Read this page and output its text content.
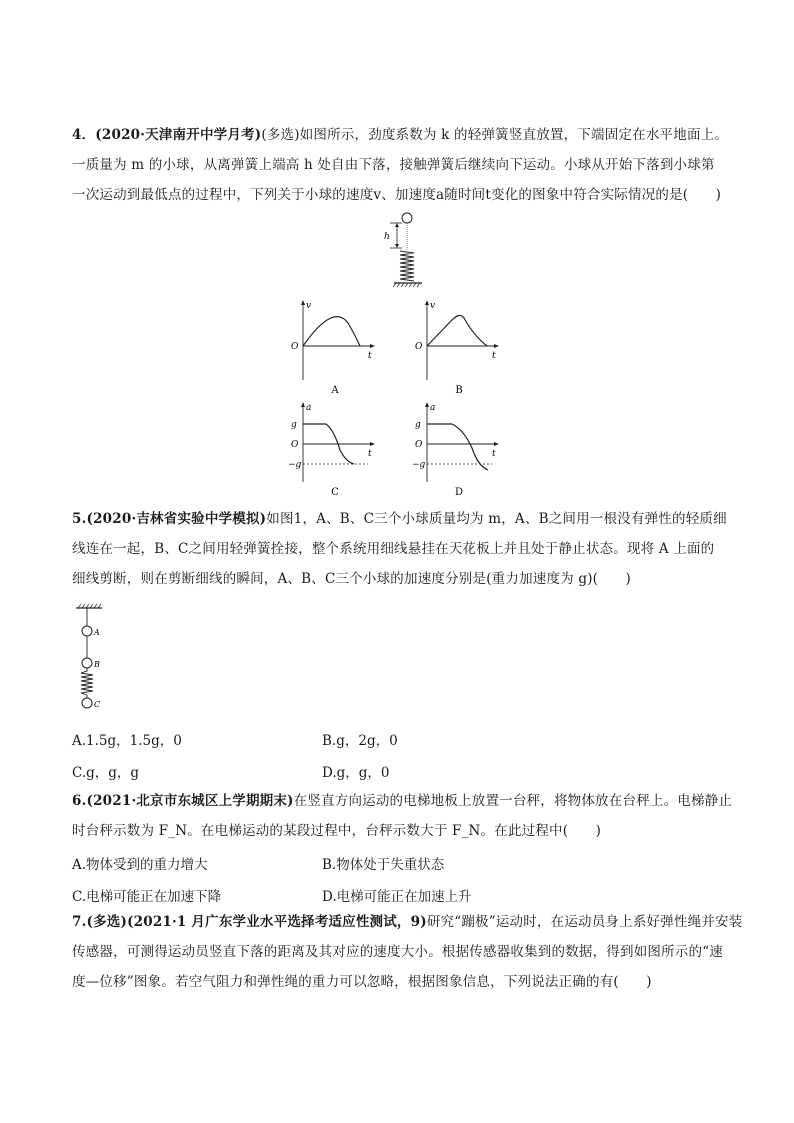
4．(2020·天津南开中学月考)(多选)如图所示，劲度系数为 k 的轻弹簧竖直放置，下端固定在水平地面上。
一质量为 m 的小球，从离弹簧上端高 h 处自由下落，接触弹簧后继续向下运动。小球从开始下落到小球第
一次运动到最低点的过程中，下列关于小球的速度v、加速度a随时间t变化的图象中符合实际情况的是(　　)
h
v
t
O
A
v
t
O
B
a
t
O
g
−g
C
a
t
O
g
−g
D
5.(2020·吉林省实验中学模拟)如图1，A、B、C三个小球质量均为 m，A、B之间用一根没有弹性的轻质细
线连在一起，B、C之间用轻弹簧拴接，整个系统用细线悬挂在天花板上并且处于静止状态。现将 A 上面的
细线剪断，则在剪断细线的瞬间，A、B、C三个小球的加速度分别是(重力加速度为 g)(　　)
A
B
C
A.1.5g，1.5g，0	B.g，2g，0
C.g，g，g	D.g，g，0
6.(2021·北京市东城区上学期期末)在竖直方向运动的电梯地板上放置一台秤，将物体放在台秤上。电梯静止
时台秤示数为 F_N。在电梯运动的某段过程中，台秤示数大于 F_N。在此过程中(　　)
A.物体受到的重力增大	B.物体处于失重状态
C.电梯可能正在加速下降	D.电梯可能正在加速上升
7.(多选)(2021·1 月广东学业水平选择考适应性测试，9)研究“蹦极”运动时，在运动员身上系好弹性绳并安装
传感器，可测得运动员竖直下落的距离及其对应的速度大小。根据传感器收集到的数据，得到如图所示的“速
度—位移”图象。若空气阻力和弹性绳的重力可以忽略，根据图象信息，下列说法正确的有(　　)
